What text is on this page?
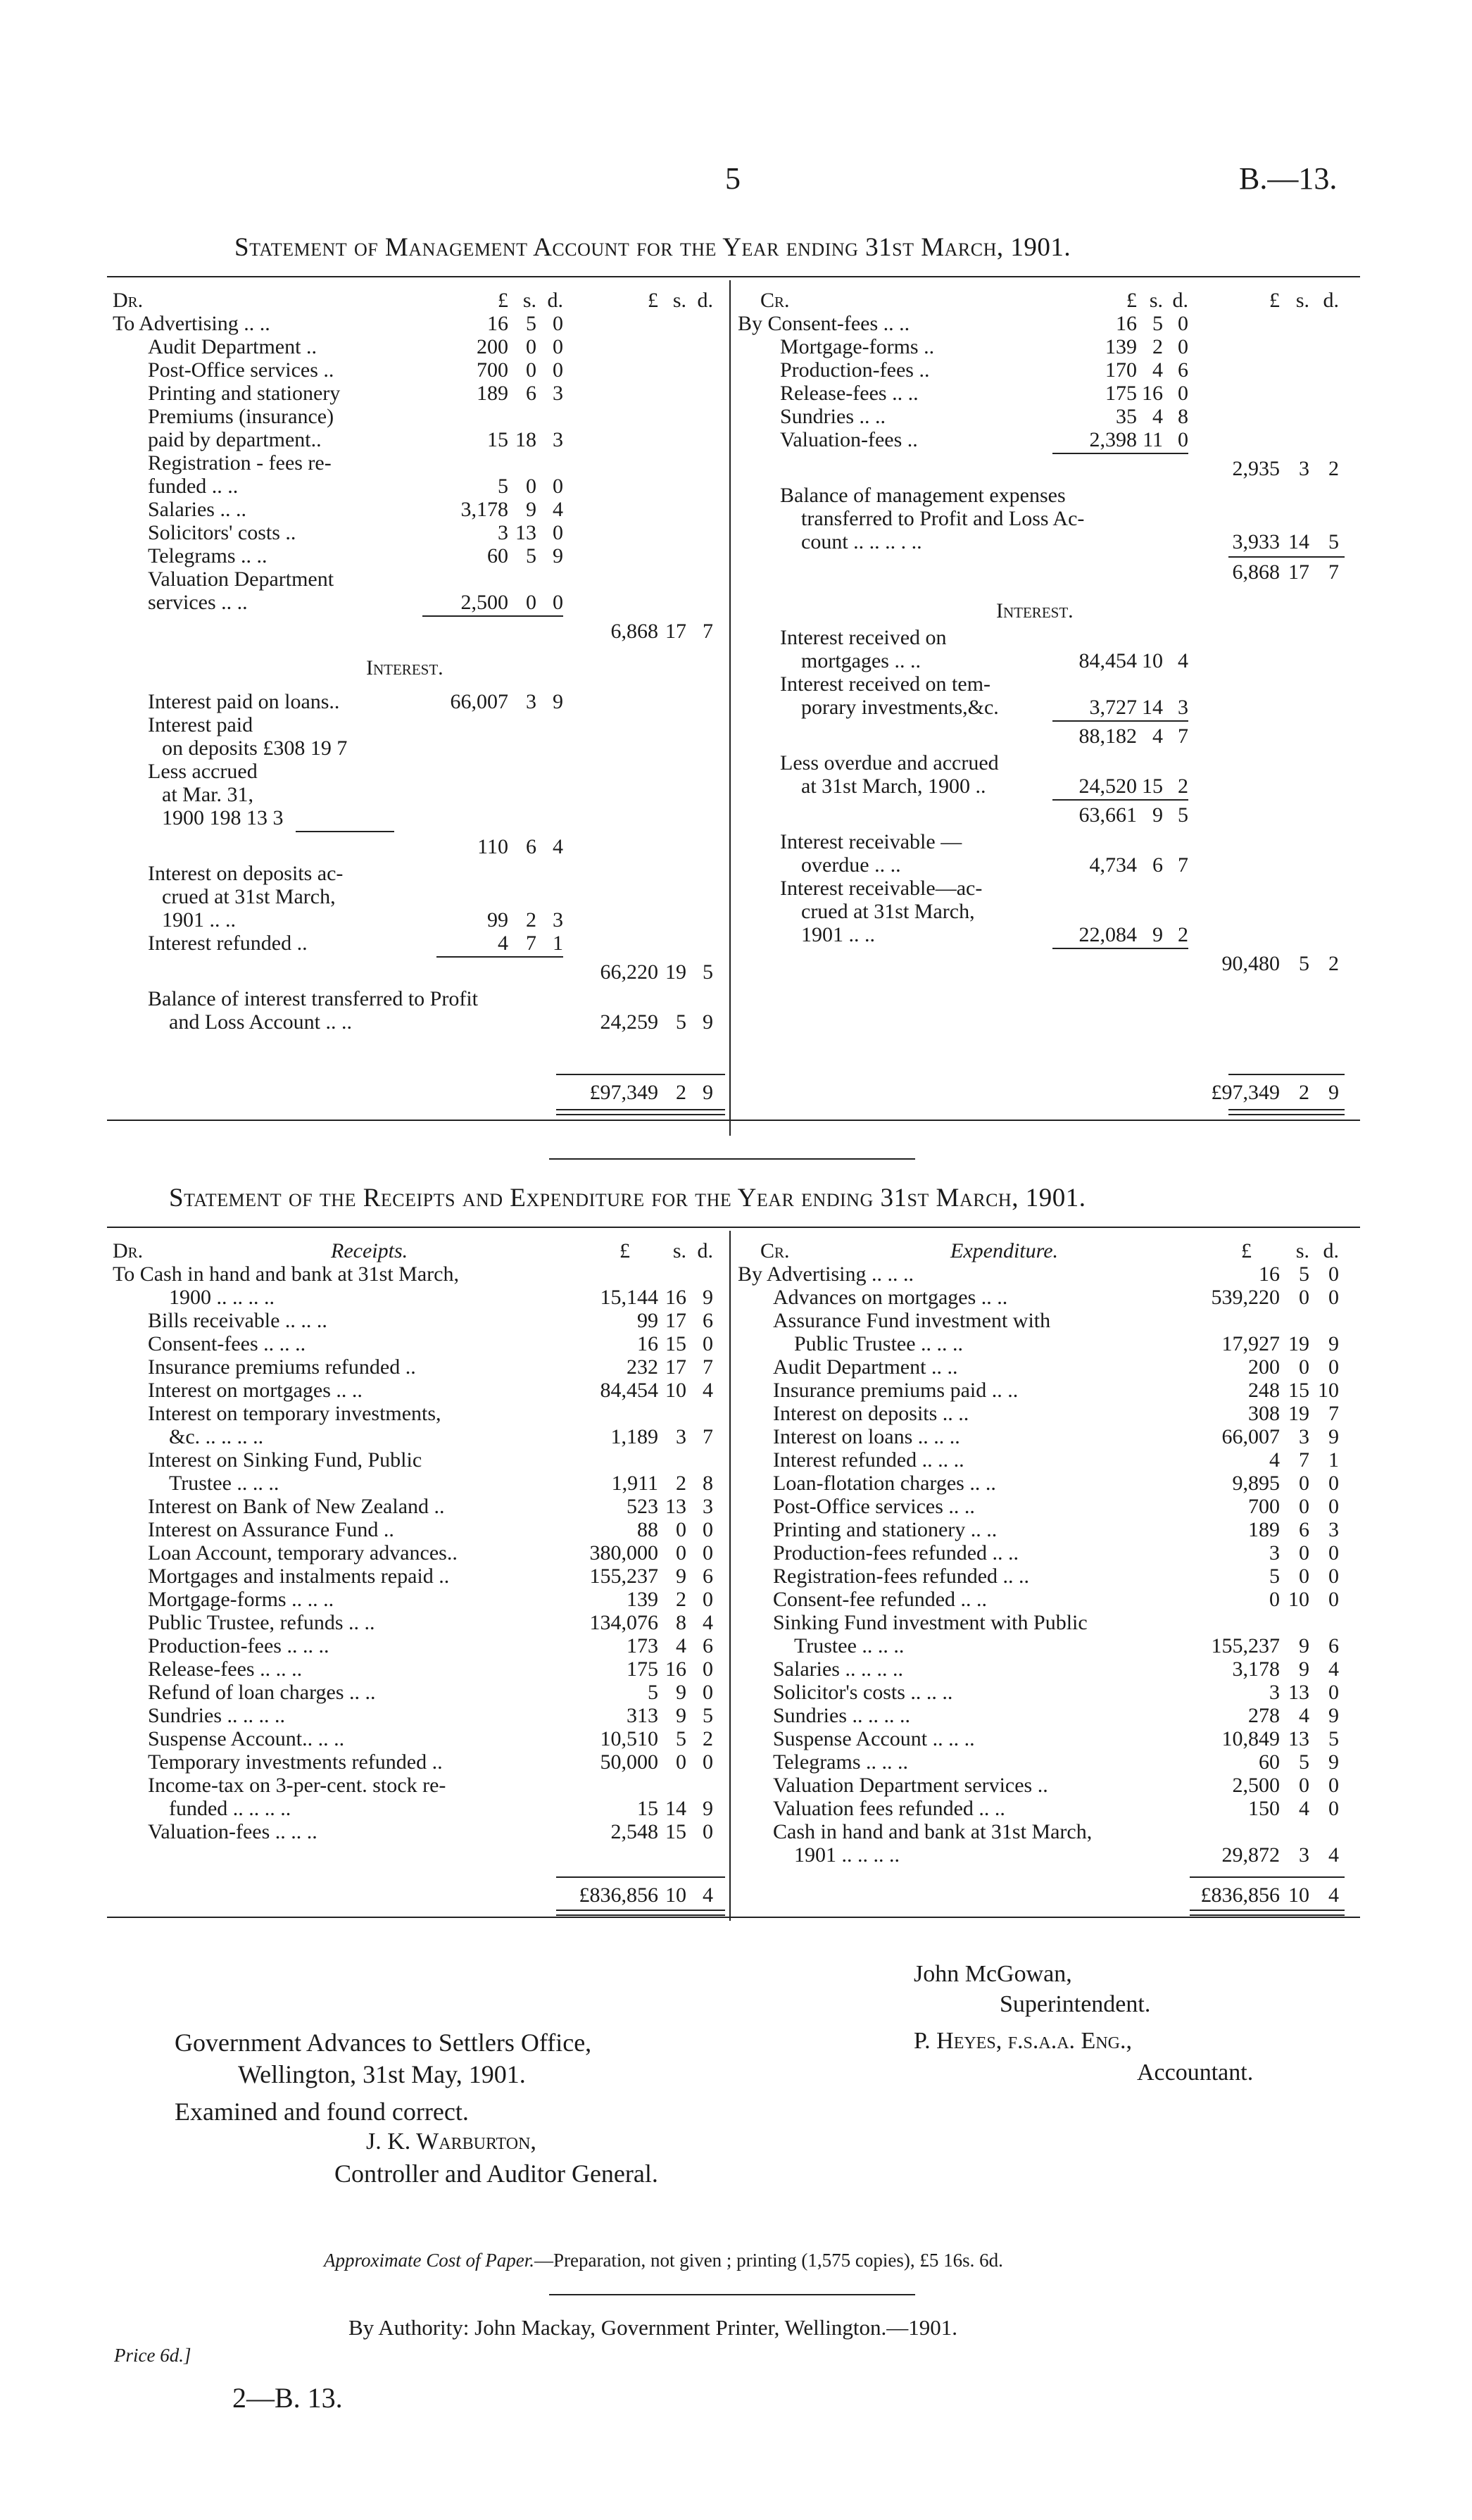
5	B.—13.
Statement of Management Account for the Year ending 31st March, 1901.
Dr.	£ s. d.	£ s. d.
To Advertising .. ..	16 5 0
Audit Department ..	200 0 0
Post-Office services ..	700 0 0
Printing and stationery	189 6 3
Premiums (insurance)
paid by department..	15 18 3
Registration - fees re-
funded .. ..	5 0 0
Salaries .. ..	3,178 9 4
Solicitors' costs ..	3 13 0
Telegrams .. ..	60 5 9
Valuation Department
services .. ..	2,500 0 0
6,868 17 7
Interest.
Interest paid on loans..	66,007 3 9
Interest paid
on deposits £308 19 7
Less accrued
at Mar. 31,
1900 198 13 3
110 6 4
Interest on deposits ac-
crued at 31st March,
1901 .. ..	99 2 3
Interest refunded ..	4 7 1
66,220 19 5
Balance of interest transferred to Profit
and Loss Account .. ..	24,259 5 9
£97,349 2 9
Cr.	£ s. d.	£ s. d.
By Consent-fees .. ..	16 5 0
Mortgage-forms ..	139 2 0
Production-fees ..	170 4 6
Release-fees .. ..	175 16 0
Sundries .. ..	35 4 8
Valuation-fees ..	2,398 11 0
2,935 3 2
Balance of management expenses
transferred to Profit and Loss Ac-
count .. .. .. . ..	3,933 14 5
6,868 17 7
Interest.
Interest received on
mortgages .. ..	84,454 10 4
Interest received on tem-
porary investments,&c.	3,727 14 3
88,182 4 7
Less overdue and accrued
at 31st March, 1900 ..	24,520 15 2
63,661 9 5
Interest receivable —
overdue .. ..	4,734 6 7
Interest receivable—ac-
crued at 31st March,
1901 .. ..	22,084 9 2
90,480 5 2
£97,349 2 9
Statement of the Receipts and Expenditure for the Year ending 31st March, 1901.
Dr.	Receipts.	£	s. d.
To Cash in hand and bank at 31st March,
1900 .. .. .. ..	15,144 16 9
Bills receivable .. .. ..	99 17 6
Consent-fees .. .. ..	16 15 0
Insurance premiums refunded ..	232 17 7
Interest on mortgages .. ..	84,454 10 4
Interest on temporary investments,
&c. .. .. .. ..	1,189 3 7
Interest on Sinking Fund, Public
Trustee .. .. ..	1,911 2 8
Interest on Bank of New Zealand ..	523 13 3
Interest on Assurance Fund ..	88 0 0
Loan Account, temporary advances..	380,000 0 0
Mortgages and instalments repaid ..	155,237 9 6
Mortgage-forms .. .. ..	139 2 0
Public Trustee, refunds .. ..	134,076 8 4
Production-fees .. .. ..	173 4 6
Release-fees .. .. ..	175 16 0
Refund of loan charges .. ..	5 9 0
Sundries .. .. .. ..	313 9 5
Suspense Account.. .. ..	10,510 5 2
Temporary investments refunded ..	50,000 0 0
Income-tax on 3-per-cent. stock re-
funded .. .. .. ..	15 14 9
Valuation-fees .. .. ..	2,548 15 0
£836,856 10 4
Cr.	Expenditure.	£	s. d.
By Advertising .. .. ..	16 5 0
Advances on mortgages .. ..	539,220 0 0
Assurance Fund investment with
Public Trustee .. .. ..	17,927 19 9
Audit Department .. ..	200 0 0
Insurance premiums paid .. ..	248 15 10
Interest on deposits .. ..	308 19 7
Interest on loans .. .. ..	66,007 3 9
Interest refunded .. .. ..	4 7 1
Loan-flotation charges .. ..	9,895 0 0
Post-Office services .. ..	700 0 0
Printing and stationery .. ..	189 6 3
Production-fees refunded .. ..	3 0 0
Registration-fees refunded .. ..	5 0 0
Consent-fee refunded .. ..	0 10 0
Sinking Fund investment with Public
Trustee .. .. ..	155,237 9 6
Salaries .. .. .. ..	3,178 9 4
Solicitor's costs .. .. ..	3 13 0
Sundries .. .. .. ..	278 4 9
Suspense Account .. .. ..	10,849 13 5
Telegrams .. .. ..	60 5 9
Valuation Department services ..	2,500 0 0
Valuation fees refunded .. ..	150 4 0
Cash in hand and bank at 31st March,
1901 .. .. .. ..	29,872 3 4
£836,856 10 4
John McGowan,
Superintendent.
Government Advances to Settlers Office,
Wellington, 31st May, 1901.
P. Heyes, f.s.a.a. Eng.,
Accountant.
Examined and found correct.
J. K. Warburton,
Controller and Auditor General.
Approximate Cost of Paper.—Preparation, not given ; printing (1,575 copies), £5 16s. 6d.
By Authority: John Mackay, Government Printer, Wellington.—1901.
Price 6d.]
2—B. 13.
